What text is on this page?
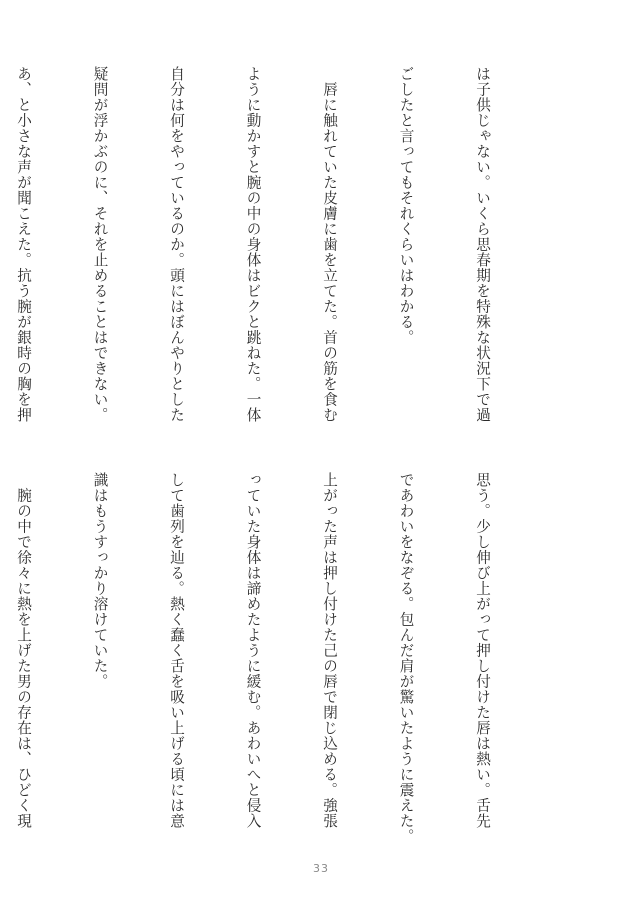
は子供じゃない。いくら思春期を特殊な状況下で過

ごしたと言ってもそれくらいはわかる。

　唇に触れていた皮膚に歯を立てた。首の筋を食む

ように動かすと腕の中の身体はビクと跳ねた。一体

自分は何をやっているのか。頭にはぼんやりとした

疑問が浮かぶのに、それを止めることはできない。

あ、と小さな声が聞こえた。抗う腕が銀時の胸を押

思う。少し伸び上がって押し付けた唇は熱い。舌先

であわいをなぞる。包んだ肩が驚いたように震えた。

上がった声は押し付けた己の唇で閉じ込める。強張

っていた身体は諦めたように緩む。あわいへと侵入

して歯列を辿る。熱く蠢く舌を吸い上げる頃には意

識はもうすっかり溶けていた。

　腕の中で徐々に熱を上げた男の存在は、ひどく現

33
